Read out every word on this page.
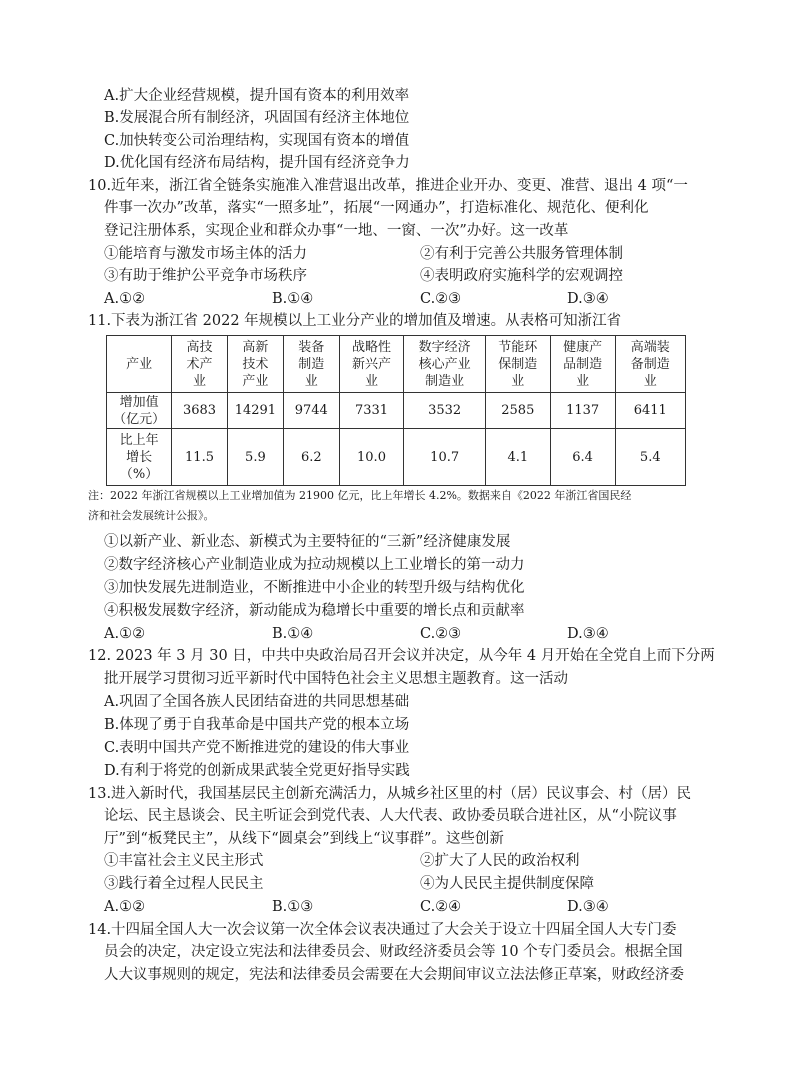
A.扩大企业经营规模，提升国有资本的利用效率
B.发展混合所有制经济，巩固国有经济主体地位
C.加快转变公司治理结构，实现国有资本的增值
D.优化国有经济布局结构，提升国有经济竞争力
10.近年来，浙江省全链条实施准入准营退出改革，推进企业开办、变更、准营、退出 4 项“一
件事一次办”改革，落实“一照多址”，拓展“一网通办”，打造标准化、规范化、便利化
登记注册体系，实现企业和群众办事“一地、一窗、一次”办好。这一改革
①能培育与激发市场主体的活力	②有利于完善公共服务管理体制
③有助于维护公平竞争市场秩序	④表明政府实施科学的宏观调控
A.①②	B.①④	C.②③	D.③④
11.下表为浙江省 2022 年规模以上工业分产业的增加值及增速。从表格可知浙江省
产业	高技
术产
业	高新
技术
产业	装备
制造
业	战略性
新兴产
业	数字经济
核心产业
制造业	节能环
保制造
业	健康产
品制造
业	高端装
备制造
业
增加值
（亿元）	3683	14291	9744	7331	3532	2585	1137	6411
比上年
增长
（%）	11.5	5.9	6.2	10.0	10.7	4.1	6.4	5.4
注：2022 年浙江省规模以上工业增加值为 21900 亿元，比上年增长 4.2%。数据来自《2022 年浙江省国民经
济和社会发展统计公报》。
①以新产业、新业态、新模式为主要特征的“三新”经济健康发展
②数字经济核心产业制造业成为拉动规模以上工业增长的第一动力
③加快发展先进制造业，不断推进中小企业的转型升级与结构优化
④积极发展数字经济，新动能成为稳增长中重要的增长点和贡献率
A.①②	B.①④	C.②③	D.③④
12. 2023 年 3 月 30 日，中共中央政治局召开会议并决定，从今年 4 月开始在全党自上而下分两
批开展学习贯彻习近平新时代中国特色社会主义思想主题教育。这一活动
A.巩固了全国各族人民团结奋进的共同思想基础
B.体现了勇于自我革命是中国共产党的根本立场
C.表明中国共产党不断推进党的建设的伟大事业
D.有利于将党的创新成果武装全党更好指导实践
13.进入新时代，我国基层民主创新充满活力，从城乡社区里的村（居）民议事会、村（居）民
论坛、民主恳谈会、民主听证会到党代表、人大代表、政协委员联合进社区，从“小院议事
厅”到“板凳民主”，从线下“圆桌会”到线上“议事群”。这些创新
①丰富社会主义民主形式	②扩大了人民的政治权利
③践行着全过程人民民主	④为人民民主提供制度保障
A.①②	B.①③	C.②④	D.③④
14.十四届全国人大一次会议第一次全体会议表决通过了大会关于设立十四届全国人大专门委
员会的决定，决定设立宪法和法律委员会、财政经济委员会等 10 个专门委员会。根据全国
人大议事规则的规定，宪法和法律委员会需要在大会期间审议立法法修正草案，财政经济委
